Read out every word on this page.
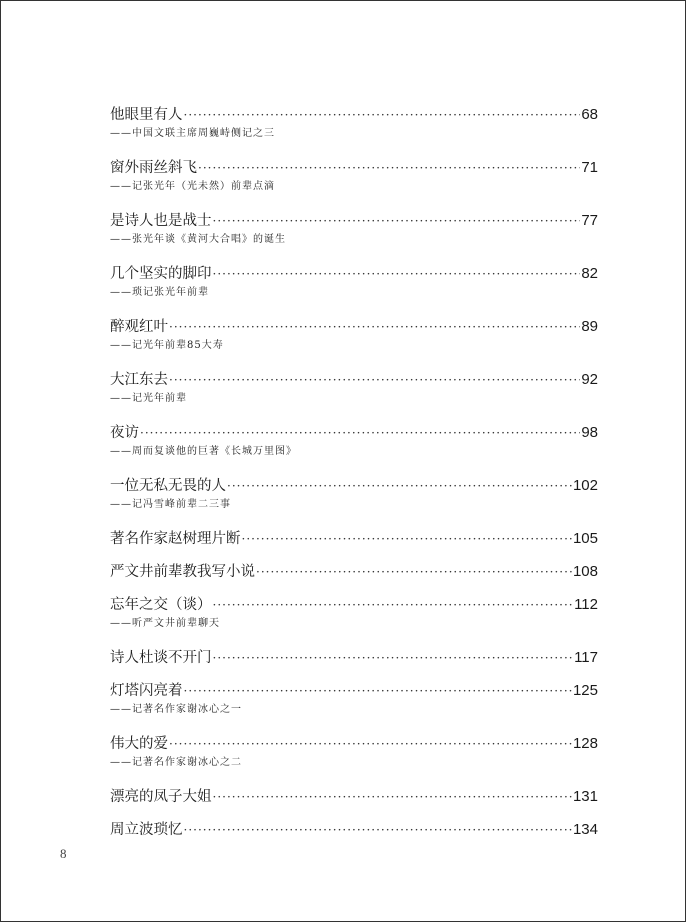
他眼里有人 ·····	68
——中国文联主席周巍峙侧记之三
窗外雨丝斜飞 ·····	71
——记张光年（光未然）前辈点滴
是诗人也是战士 ·····	77
——张光年谈《黄河大合唱》的诞生
几个坚实的脚印 ·····	82
——琐记张光年前辈
醉观红叶 ·····	89
——记光年前辈85大寿
大江东去 ·····	92
——记光年前辈
夜访 ·····	98
——周而复谈他的巨著《长城万里图》
一位无私无畏的人 ·····	102
——记冯雪峰前辈二三事
著名作家赵树理片断 ·····	105
严文井前辈教我写小说 ·····	108
忘年之交（谈） ·····	112
——听严文井前辈聊天
诗人杜谈不开门 ·····	117
灯塔闪亮着 ·····	125
——记著名作家谢冰心之一
伟大的爱 ·····	128
——记著名作家谢冰心之二
漂亮的凤子大姐 ·····	131
周立波琐忆 ·····	134
8
